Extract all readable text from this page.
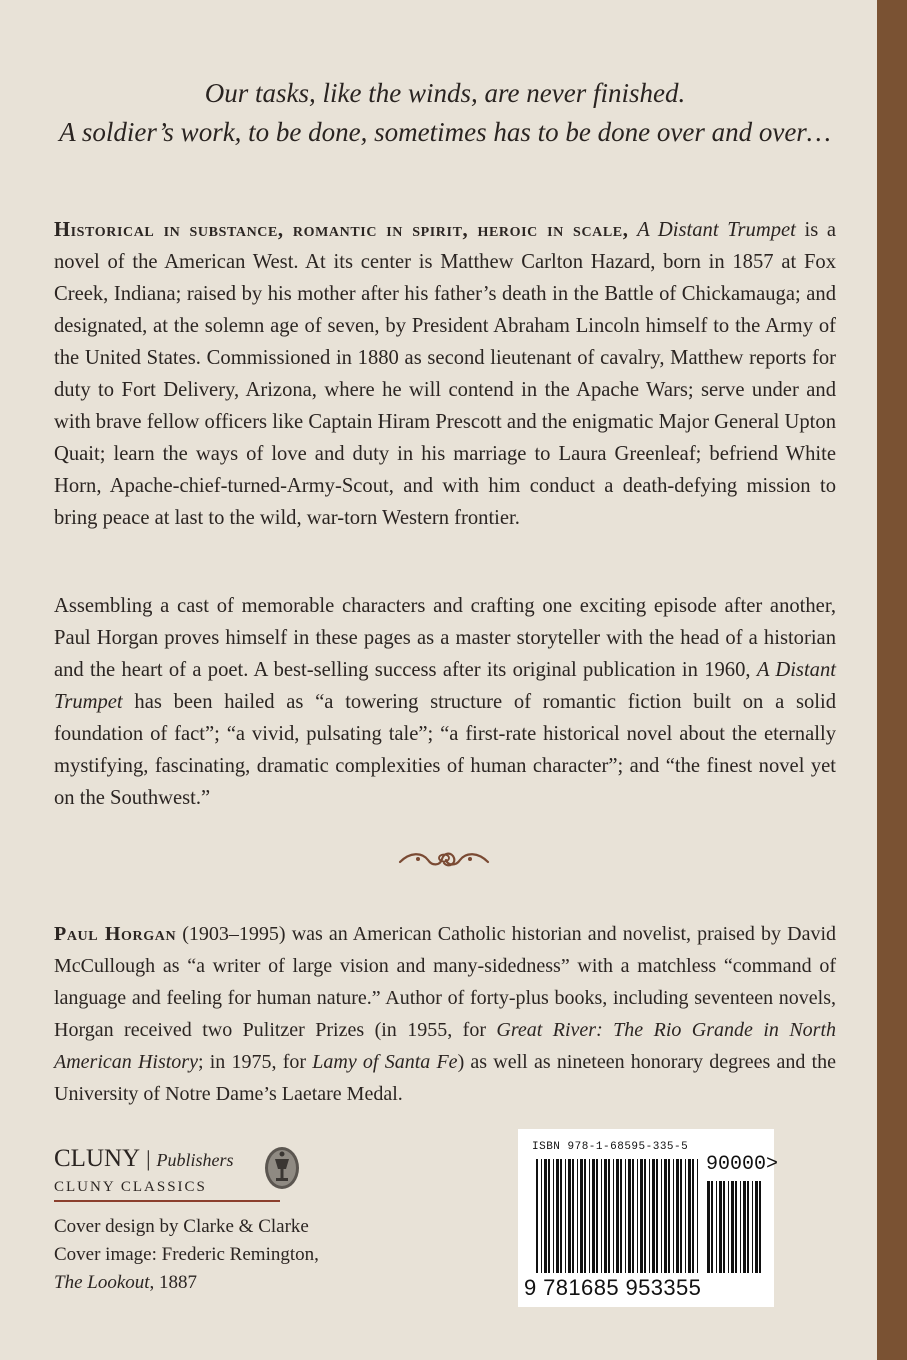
Our tasks, like the winds, are never finished.
A soldier’s work, to be done, sometimes has to be done over and over…
Historical in substance, romantic in spirit, heroic in scale, A Distant Trumpet is a novel of the American West. At its center is Matthew Carlton Hazard, born in 1857 at Fox Creek, Indiana; raised by his mother after his father’s death in the Battle of Chickamauga; and designated, at the solemn age of seven, by President Abraham Lincoln himself to the Army of the United States. Commissioned in 1880 as second lieutenant of cavalry, Matthew reports for duty to Fort Delivery, Arizona, where he will contend in the Apache Wars; serve under and with brave fellow officers like Captain Hiram Prescott and the enigmatic Major General Upton Quait; learn the ways of love and duty in his marriage to Laura Greenleaf; befriend White Horn, Apache-chief-turned-Army-Scout, and with him conduct a death-defying mission to bring peace at last to the wild, war-torn Western frontier.
Assembling a cast of memorable characters and crafting one exciting episode after another, Paul Horgan proves himself in these pages as a master storyteller with the head of a historian and the heart of a poet. A best-selling success after its original publication in 1960, A Distant Trumpet has been hailed as “a towering structure of romantic fiction built on a solid foundation of fact”; “a vivid, pulsating tale”; “a first-rate historical novel about the eternally mystifying, fascinating, dramatic complexities of human character”; and “the finest novel yet on the Southwest.”
Paul Horgan (1903–1995) was an American Catholic historian and novelist, praised by David McCullough as “a writer of large vision and many-sidedness” with a matchless “command of language and feeling for human nature.” Author of forty-plus books, including seventeen novels, Horgan received two Pulitzer Prizes (in 1955, for Great River: The Rio Grande in North American History; in 1975, for Lamy of Santa Fe) as well as nineteen honorary degrees and the University of Notre Dame’s Laetare Medal.
CLUNY | Publishers
CLUNY CLASSICS
Cover design by Clarke & Clarke
Cover image: Frederic Remington,
The Lookout, 1887
ISBN 978-1-68595-335-5
90000>
9 781685 953355
